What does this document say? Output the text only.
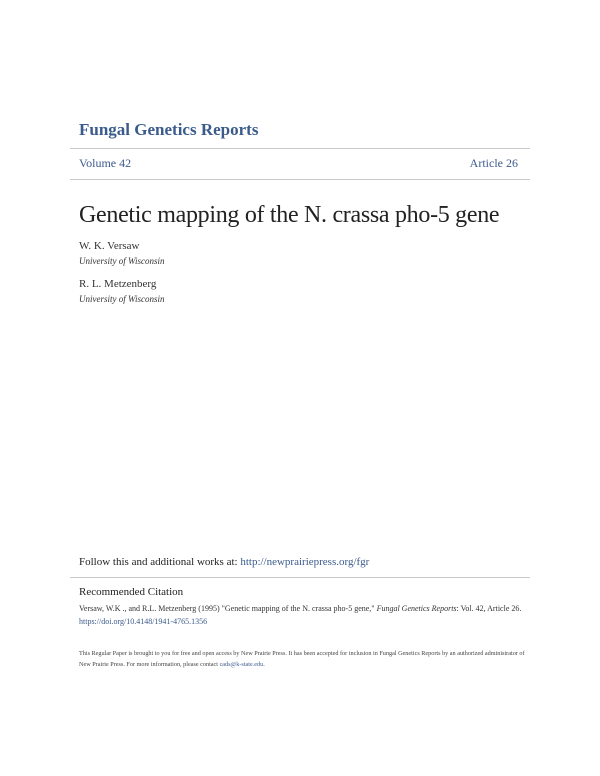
Fungal Genetics Reports
Volume 42	Article 26
Genetic mapping of the N. crassa pho-5 gene
W. K. Versaw
University of Wisconsin
R. L. Metzenberg
University of Wisconsin
Follow this and additional works at: http://newprairiepress.org/fgr
Recommended Citation
Versaw, W.K ., and R.L. Metzenberg (1995) "Genetic mapping of the N. crassa pho-5 gene," Fungal Genetics Reports: Vol. 42, Article 26.
https://doi.org/10.4148/1941-4765.1356
This Regular Paper is brought to you for free and open access by New Prairie Press. It has been accepted for inclusion in Fungal Genetics Reports by an authorized administrator of New Prairie Press. For more information, please contact cads@k-state.edu.
